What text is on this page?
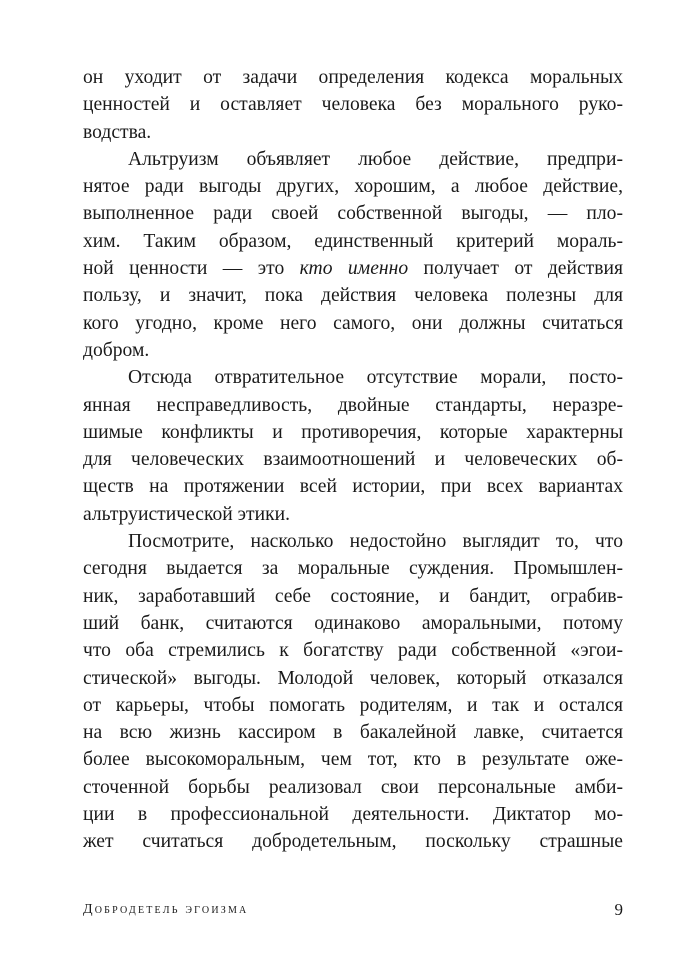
он уходит от задачи определения кодекса моральных
ценностей и оставляет человека без морального руко-
водства.
Альтруизм объявляет любое действие, предпри-
нятое ради выгоды других, хорошим, а любое действие,
выполненное ради своей собственной выгоды, — пло-
хим. Таким образом, единственный критерий мораль-
ной ценности — это кто именно получает от действия
пользу, и значит, пока действия человека полезны для
кого угодно, кроме него самого, они должны считаться
добром.
Отсюда отвратительное отсутствие морали, посто-
янная несправедливость, двойные стандарты, неразре-
шимые конфликты и противоречия, которые характерны
для человеческих взаимоотношений и человеческих об-
ществ на протяжении всей истории, при всех вариантах
альтруистической этики.
Посмотрите, насколько недостойно выглядит то, что
сегодня выдается за моральные суждения. Промышлен-
ник, заработавший себе состояние, и бандит, ограбив-
ший банк, считаются одинаково аморальными, потому
что оба стремились к богатству ради собственной «эгои-
стической» выгоды. Молодой человек, который отказался
от карьеры, чтобы помогать родителям, и так и остался
на всю жизнь кассиром в бакалейной лавке, считается
более высокоморальным, чем тот, кто в результате оже-
сточенной борьбы реализовал свои персональные амби-
ции в профессиональной деятельности. Диктатор мо-
жет считаться добродетельным, поскольку страшные
Добродетель эгоизма	9
